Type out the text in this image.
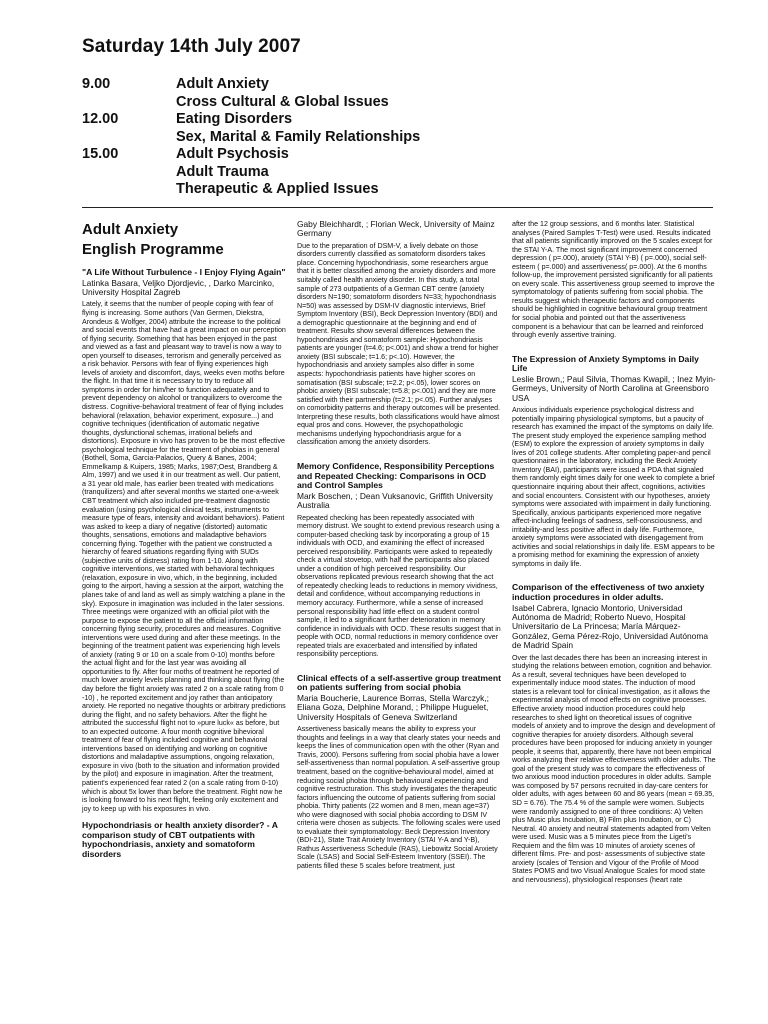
Saturday 14th July 2007
9.00	Adult Anxiety
Cross Cultural & Global Issues
12.00	Eating Disorders
Sex, Marital & Family Relationships
15.00	Adult Psychosis
Adult Trauma
Therapeutic & Applied Issues
Adult Anxiety
English Programme
"A Life Without Turbulence - I Enjoy Flying Again"
Latinka Basara, Veljko Djordjevic, , Darko Marcinko, University Hospital Zagreb

Lately, it seems that the number of people coping with fear of flying is increasing. Some authors (Van Germen, Diekstra, Arondeus & Wolfger, 2004) attribute the increase to the political and social events that have had a great impact on our perception of flying security. Something that has been enjoyed in the past and viewed as a fast and pleasant way to travel is now a way to open yourself to diseases, terrorism and generally perceived as a risk behavior. Persons with fear of flying experiences high levels of anxiety and discomfort, days, weeks even moths before the flight. In that time it is necessary to try to reduce all symptoms in order for him/her to function adequately and to prevent dependency on alcohol or tranquilizers to overcome the distress. Cognitive-behavioral treatment of fear of flying includes behavioral (relaxation, behavior experiment, exposure...) and cognitive techniques (identification of automatic negative thoughts, dysfunctional schemas, irrational beliefs and distortions). Exposure in vivo has proven to be the most effective psychological technique for the treatment of phobias in general (Bothell, Soma, Garcia-Palacios, Query & Banes, 2004; Emmelkamp & Kuipers, 1985; Marks, 1987;Oest, Brandberg & Alm, 1997) and we used it in our treatment as well. Our patient, a 31 year old male, has earlier been treated with medications (tranquilizers) and after several months we started one-a-week CBT treatment which also included pre-treatment diagnostic evaluation (using psychological clinical tests, instruments to measure type of fears, intensity and avoidant behaviors). Patient was asked to keep a diary of negative (distorted) automatic thoughts, sensations, emotions and maladaptive behaviors concerning flying. Together with the patient we constructed a hierarchy of feared situations regarding flying with SUDs (subjective units of distress) rating from 1-10. Along with cognitive interventions, we started with behavioral techniques (relaxation, exposure in vivo, which, in the beginning, included going to the airport, having a session at the airport, watching the planes take of and land as well as simply watching a plane in the sky). Exposure in imagination was included in the later sessions. Three meetings were organized with an official pilot with the purpose to expose the patient to all the official information concerning flying security, procedures and measures. Cognitive interventions were used during and after these meetings. In the beginning of the treatment patient was experiencing high levels of anxiety (rating 9 or 10 on a scale from 0-10) months before the actual flight and for the last year was avoiding all opportunities to fly. After four moths of treatment he reported of much lower anxiety levels planning and thinking about flying (the day before the flight anxiety was rated 2 on a scale rating from 0 -10) , he reported excitement and joy rather than anticipatory anxiety. He reported no negative thoughts or arbitrary predictions during the flight, and no safety behaviors. After the flight he attributed the successful flight not to »pure luck« as before, but to an expected outcome. A four month cognitive bihevioral treatment of fear of flying included cognitive and behavioral interventions based on identifying and working on cognitive distortions and maladaptive assumptions, ongoing relaxation, exposure in vivo (both to the situation and information provided by the pilot) and exposure in imagination. After the treatment, patient's experienced fear rated 2 (on a scale rating from 0-10) which is about 5x lower than before the treatment. Right now he is looking forward to his next flight, feeling only excitement and joy to keep up with his exposures in vivo.

Hypochondriasis or health anxiety disorder? - A comparison study of CBT outpatients with hypochondriasis, anxiety and somatoform disorders
Gaby Bleichhardt, ; Florian Weck, University of Mainz Germany

Due to the preparation of DSM-V, a lively debate on those disorders currently classified as somatoform disorders takes place. Concerning hypochondriasis, some researchers argue that it is better classified among the anxiety disorders and more suitably called health anxiety disorder. In this study, a total sample of 273 outpatients of a German CBT centre (anxiety disorders N=190; somatoform disorders N=33; hypochondriasis N=50) was assessed by DSM-IV diagnostic interviews, Brief Symptom Inventory (BSI), Beck Depression Inventory (BDI) and a demographic questionnaire at the beginning and end of treatment. Results show several differences between the hypochondriasis and somatoform sample: Hypochondriasis patients are younger (t=4.6; p<.001) and show a trend for higher anxiety (BSI subscale; t=1.6; p<.10). However, the hypochondriasis and anxiety samples also differ in some aspects: hypochondriasis patients have higher scores on somatisation (BSI subscale; t=2.2; p<.05), lower scores on phobic anxiety (BSI subscale; t=5.8; p<.001) and they are more satisfied with their partnership (t=2.1; p<.05). Further analyses on comorbidity patterns and therapy outcomes will be presented. Interpreting these results, both classifications would have almost equal pros and cons. However, the psychopathologic mechanisms underlying hypochondriasis argue for a classification among the anxiety disorders.

Memory Confidence, Responsibility Perceptions and Repeated Checking: Comparisons in OCD and Control Samples
Mark Boschen, ; Dean Vuksanovic, Griffith University Australia

Repeated checking has been repeatedly associated with memory distrust. We sought to extend previous research using a computer-based checking task by incorporating a group of 15 individuals with OCD, and examining the effect of increased perceived responsibility. Participants were asked to repeatedly check a virtual stovetop, with half the participants also placed under a condition of high perceived responsibility. Our observations replicated previous research showing that the act of repeatedly checking leads to reductions in memory vividness, detail and confidence, without accompanying reductions in memory accuracy. Furthermore, while a sense of increased personal responsibility had little effect on a student control sample, it led to a significant further deterioration in memory confidence in individuals with OCD. These results suggest that in people with OCD, normal reductions in memory confidence over repeated trials are exacerbated and intensified by inflated responsibility perceptions.

Clinical effects of a self-assertive group treatment on patients suffering from social phobia
Maria Boucherie, Laurence Borras, Stella Warczyk,; Eliana Goza, Delphine Morand, ; Philippe Huguelet, University Hospitals of Geneva Switzerland

Assertiveness basically means the ability to express your thoughts and feelings in a way that clearly states your needs and keeps the lines of communication open with the other (Ryan and Travis, 2000). Persons suffering from social phobia have a lower self-assertiveness than normal population. A self-assertive group treatment, based on the cognitive-behavioural model, aimed at reducing social phobia through behavioural experiencing and cognitive restructuration. This study investigates the therapeutic factors influencing the outcome of patients suffering from social phobia. Thirty patients (22 women and 8 men, mean age=37) who were diagnosed with social phobia according to DSM IV criteria were chosen as subjects. The following scales were used to evaluate their symptomatology: Beck Depression Inventory (BDI-21), State Trait Anxiety Inventory (STAI Y-A and Y-B), Rathus Assertiveness Schedule (RAS), Liebowitz Social Anxiety Scale (LSAS) and Social Self-Esteem Inventory (SSEI). The patients filled these 5 scales before treatment, just

after the 12 group sessions, and 6 months later. Statistical analyses (Paired Samples T-Test) were used. Results indicated that all patients significantly improved on the 5 scales except for the STAI Y-A. The most significant improvement concerned depression ( p=.000), anxiety (STAI Y-B) ( p=.000), social self-esteem ( p=.000) and assertiveness( p=.000). At the 6 months follow-up, the improvement persisted significantly for all patients on every scale. This assertiveness group seemed to improve the symptomatology of patients suffering from social phobia. The results suggest which therapeutic factors and components should be highlighted in cognitive behavioural group treatment for social phobia and pointed out that the assertiveness component is a behaviour that can be learned and reinforced through evenly assertive training.

The Expression of Anxiety Symptoms in Daily Life
Leslie Brown,; Paul Silvia, Thomas Kwapil, ; Inez Myin-Germeys, University of North Carolina at Greensboro USA

Anxious individuals experience psychological distress and potentially impairing physiological symptoms, but a paucity of research has examined the impact of the symptoms on daily life. The present study employed the experience sampling method (ESM) to explore the expression of anxiety symptoms in daily lives of 201 college students. After completing paper-and pencil questionnaires in the laboratory, including the Beck Anxiety Inventory (BAI), participants were issued a PDA that signaled them randomly eight times daily for one week to complete a brief questionnaire inquiring about their affect, cognitions, activities and social encounters. Consistent with our hypotheses, anxiety symptoms were associated with impairment in daily functioning. Specifically, anxious participants experienced more negative affect-including feelings of sadness, self-consciousness, and irritability-and less positive affect in daily life. Furthermore, anxiety symptoms were associated with disengagement from activities and social relationships in daily life. ESM appears to be a promising method for examining the expression of anxiety symptoms in daily life.

Comparison of the effectiveness of two anxiety induction procedures in older adults.
Isabel Cabrera, Ignacio Montorio, Universidad Autónoma de Madrid; Roberto Nuevo, Hospital Universitario de La Princesa; María Márquez-González, Gema Pérez-Rojo, Universidad Autónoma de Madrid Spain

Over the last decades there has been an increasing interest in studying the relations between emotion, cognition and behavior. As a result, several techniques have been developed to experimentally induce mood states. The induction of mood states is a relevant tool for clinical investigation, as it allows the experimental analysis of mood effects on cognitive processes. Effective anxiety mood induction procedures could help researches to shed light on theoretical issues of cognitive models of anxiety and to improve the design and development of cognitive therapies for anxiety disorders. Although several procedures have been proposed for inducing anxiety in younger people, it seems that, apparently, there have not been empirical works analyzing their relative effectiveness with older adults. The goal of the present study was to compare the effectiveness of two anxious mood induction procedures in older adults. Sample was composed by 57 persons recruited in day-care centers for older adults, with ages between 60 and 86 years (mean = 69.35, SD = 6.76). The 75.4 % of the sample were women. Subjects were randomly assigned to one of three conditions: A) Velten plus Music plus Incubation, B) Film plus Incubation, or C) Neutral. 40 anxiety and neutral statements adapted from Velten were used. Music was a 5 minutes piece from the Ligeti's Requiem and the film was 10 minutes of anxiety scenes of different films. Pre- and post- assessments of subjective state anxiety (scales of Tension and Vigour of the Profile of Mood States POMS and two Visual Analogue Scales for mood state and nervousness), physiological responses (heart rate
